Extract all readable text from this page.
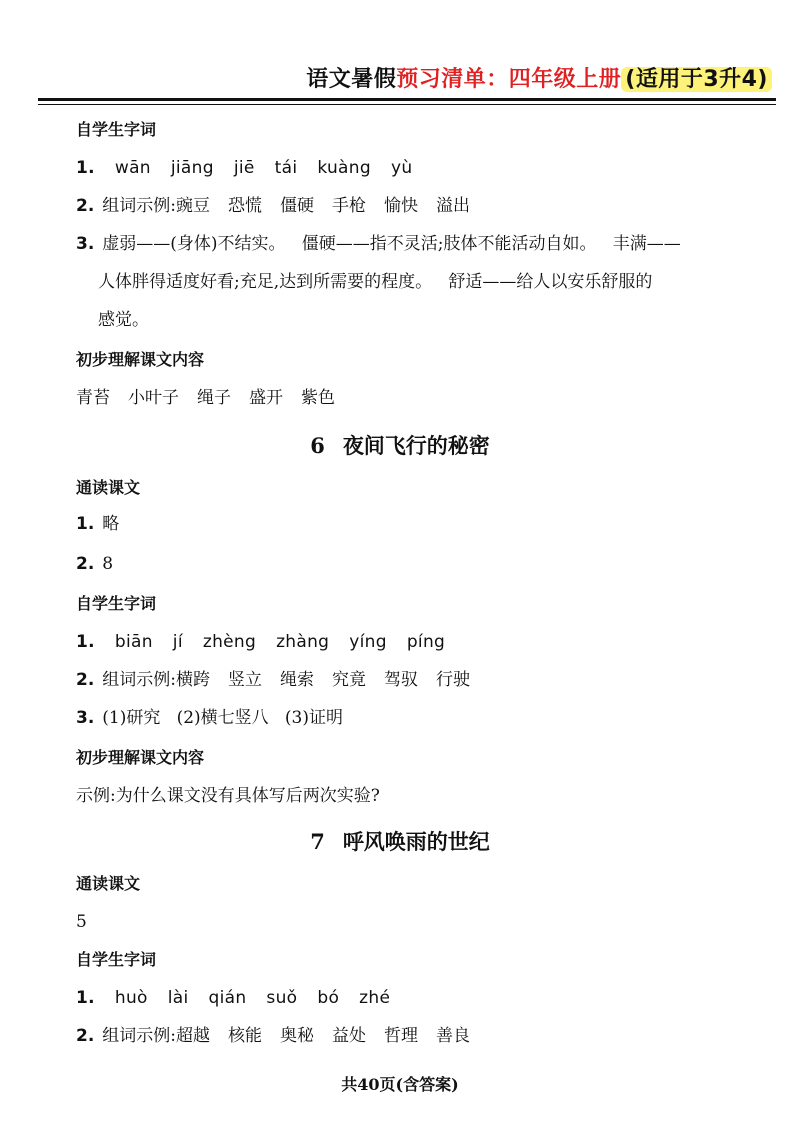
语文暑假预习清单：四年级上册 (适用于3升4)
自学生字词
1. wān jiāng jiē tái kuàng yù
2. 组词示例:豌豆 恐慌 僵硬 手枪 愉快 溢出
3. 虚弱——(身体)不结实。   僵硬——指不灵活;肢体不能活动自如。   丰满——
人体胖得适度好看;充足,达到所需要的程度。   舒适——给人以安乐舒服的
感觉。
初步理解课文内容
青苔 小叶子 绳子 盛开 紫色
6 夜间飞行的秘密
通读课文
1. 略
2. 8
自学生字词
1. biān jí zhèng zhàng yíng píng
2. 组词示例:横跨 竖立 绳索 究竟 驾驭 行驶
3. (1)研究   (2)横七竖八   (3)证明
初步理解课文内容
示例:为什么课文没有具体写后两次实验?
7 呼风唤雨的世纪
通读课文
5
自学生字词
1. huò lài qián suǒ bó zhé
2. 组词示例:超越 核能 奥秘 益处 哲理 善良
共40页(含答案)
